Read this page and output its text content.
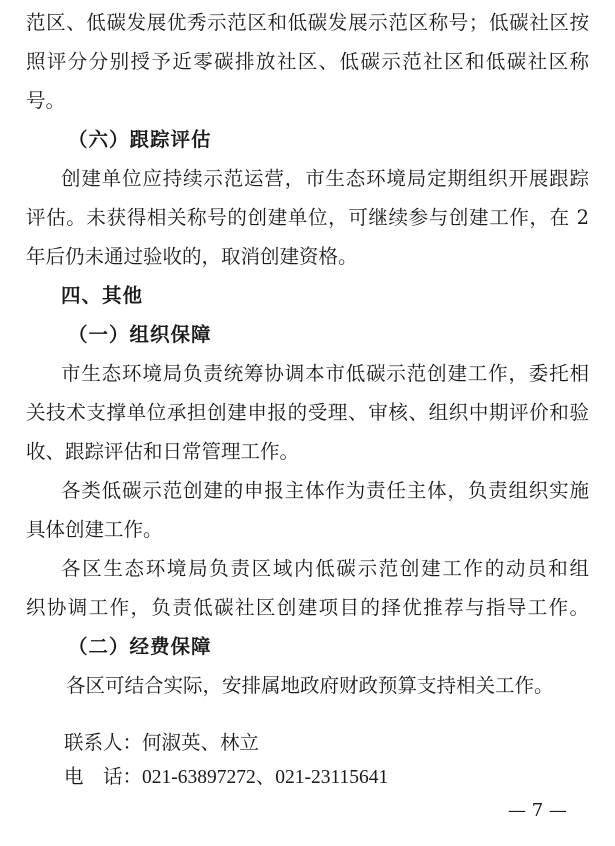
范区、低碳发展优秀示范区和低碳发展示范区称号；低碳社区按
照评分分别授予近零碳排放社区、低碳示范社区和低碳社区称
号。
（六）跟踪评估
创建单位应持续示范运营，市生态环境局定期组织开展跟踪
评估。未获得相关称号的创建单位，可继续参与创建工作，在 2
年后仍未通过验收的，取消创建资格。
四、其他
（一）组织保障
市生态环境局负责统筹协调本市低碳示范创建工作，委托相
关技术支撑单位承担创建申报的受理、审核、组织中期评价和验
收、跟踪评估和日常管理工作。
各类低碳示范创建的申报主体作为责任主体，负责组织实施
具体创建工作。
各区生态环境局负责区域内低碳示范创建工作的动员和组
织协调工作，负责低碳社区创建项目的择优推荐与指导工作。
（二）经费保障
各区可结合实际，安排属地政府财政预算支持相关工作。
联系人：何淑英、林立
电　话：021-63897272、021-23115641
— 7 —
